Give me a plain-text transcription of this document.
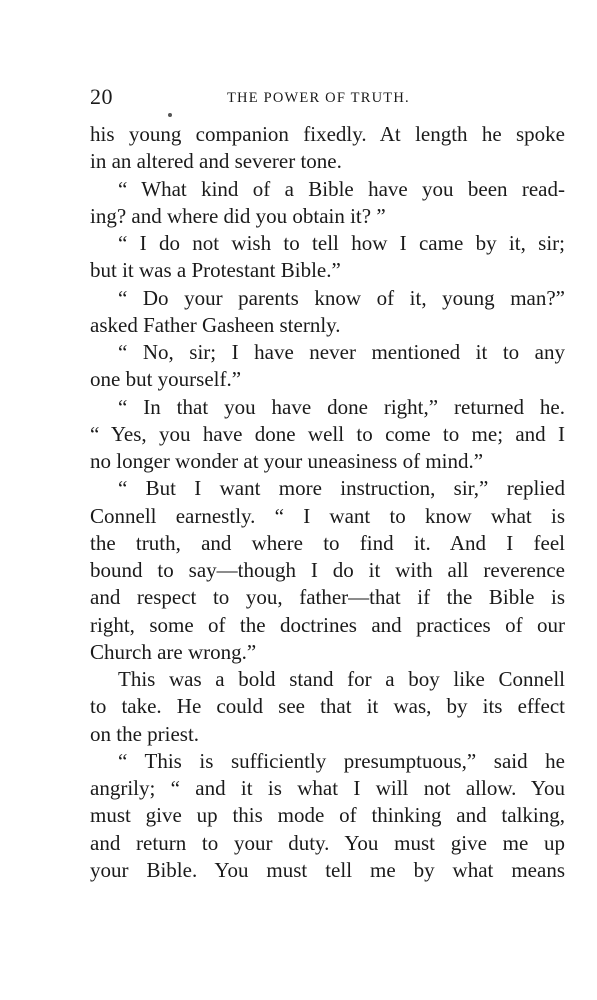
20	THE POWER OF TRUTH.
his young companion fixedly. At length he spoke
in an altered and severer tone.
“ What kind of a Bible have you been read-
ing? and where did you obtain it? ”
“ I do not wish to tell how I came by it, sir;
but it was a Protestant Bible.”
“ Do your parents know of it, young man?”
asked Father Gasheen sternly.
“ No, sir; I have never mentioned it to any
one but yourself.”
“ In that you have done right,” returned he.
“ Yes, you have done well to come to me; and I
no longer wonder at your uneasiness of mind.”
“ But I want more instruction, sir,” replied
Connell earnestly. “ I want to know what is
the truth, and where to find it. And I feel
bound to say—though I do it with all reverence
and respect to you, father—that if the Bible is
right, some of the doctrines and practices of our
Church are wrong.”
This was a bold stand for a boy like Connell
to take. He could see that it was, by its effect
on the priest.
“ This is sufficiently presumptuous,” said he
angrily; “ and it is what I will not allow. You
must give up this mode of thinking and talking,
and return to your duty. You must give me up
your Bible. You must tell me by what means
